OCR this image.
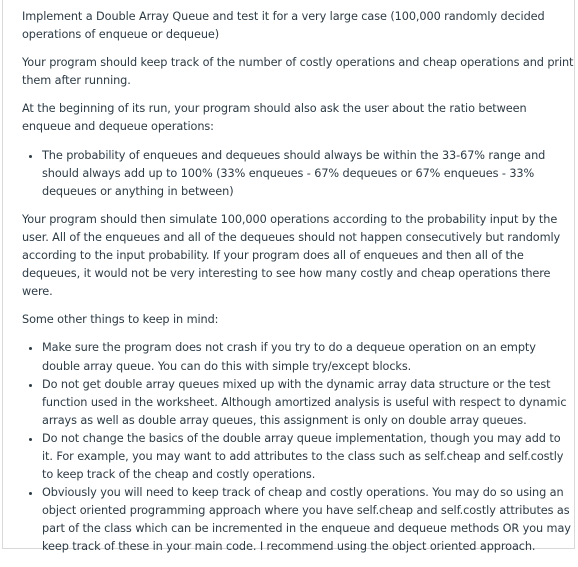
Implement a Double Array Queue and test it for a very large case (100,000 randomly decided operations of enqueue or dequeue)

Your program should keep track of the number of costly operations and cheap operations and print them after running.

At the beginning of its run, your program should also ask the user about the ratio between enqueue and dequeue operations:

• The probability of enqueues and dequeues should always be within the 33-67% range and should always add up to 100% (33% enqueues - 67% dequeues or 67% enqueues - 33% dequeues or anything in between)

Your program should then simulate 100,000 operations according to the probability input by the user. All of the enqueues and all of the dequeues should not happen consecutively but randomly according to the input probability. If your program does all of enqueues and then all of the dequeues, it would not be very interesting to see how many costly and cheap operations there were.

Some other things to keep in mind:

• Make sure the program does not crash if you try to do a dequeue operation on an empty double array queue. You can do this with simple try/except blocks.
• Do not get double array queues mixed up with the dynamic array data structure or the test function used in the worksheet. Although amortized analysis is useful with respect to dynamic arrays as well as double array queues, this assignment is only on double array queues.
• Do not change the basics of the double array queue implementation, though you may add to it. For example, you may want to add attributes to the class such as self.cheap and self.costly to keep track of the cheap and costly operations.
• Obviously you will need to keep track of cheap and costly operations. You may do so using an object oriented programming approach where you have self.cheap and self.costly attributes as part of the class which can be incremented in the enqueue and dequeue methods OR you may keep track of these in your main code. I recommend using the object oriented approach.
